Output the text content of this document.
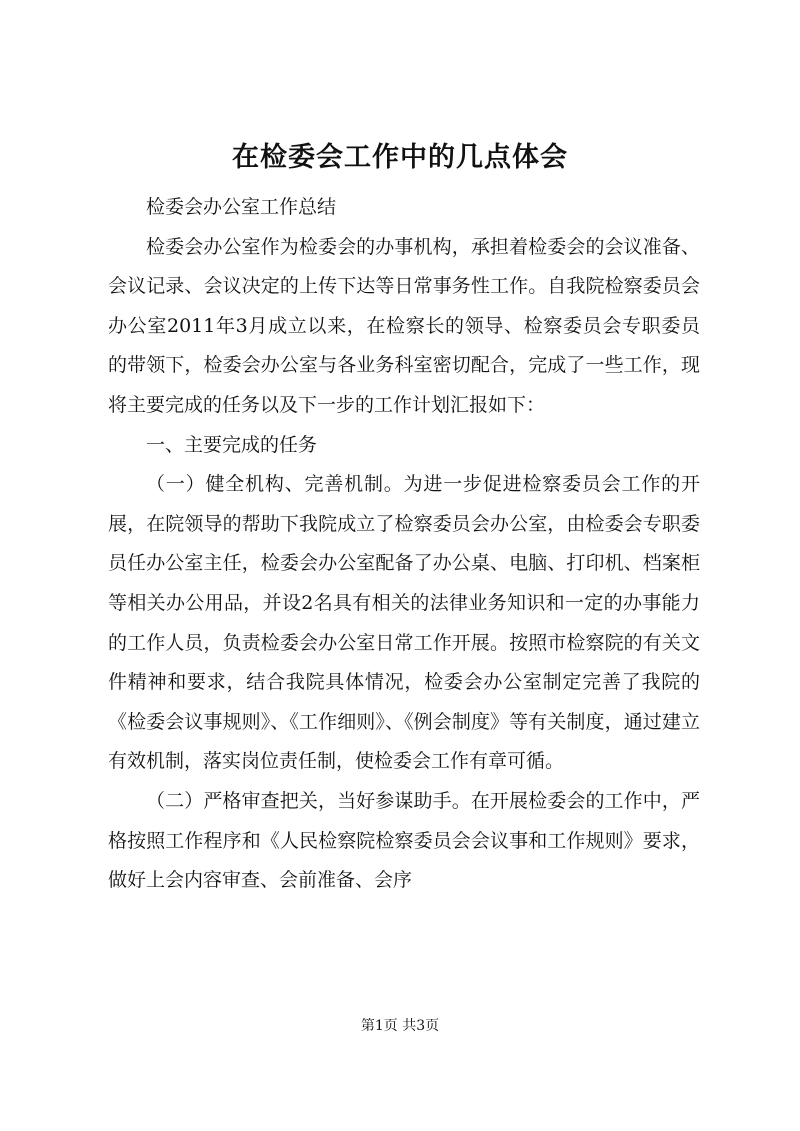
在检委会工作中的几点体会

检委会办公室工作总结

检委会办公室作为检委会的办事机构，承担着检委会的会议准备、会议记录、会议决定的上传下达等日常事务性工作。自我院检察委员会办公室2011年3月成立以来，在检察长的领导、检察委员会专职委员的带领下，检委会办公室与各业务科室密切配合，完成了一些工作，现将主要完成的任务以及下一步的工作计划汇报如下：

一、主要完成的任务

（一）健全机构、完善机制。为进一步促进检察委员会工作的开展，在院领导的帮助下我院成立了检察委员会办公室，由检委会专职委员任办公室主任，检委会办公室配备了办公桌、电脑、打印机、档案柜等相关办公用品，并设2名具有相关的法律业务知识和一定的办事能力的工作人员，负责检委会办公室日常工作开展。按照市检察院的有关文件精神和要求，结合我院具体情况，检委会办公室制定完善了我院的《检委会议事规则》、《工作细则》、《例会制度》等有关制度，通过建立有效机制，落实岗位责任制，使检委会工作有章可循。

（二）严格审查把关，当好参谋助手。在开展检委会的工作中，严格按照工作程序和《人民检察院检察委员会会议事和工作规则》要求，做好上会内容审查、会前准备、会序

第1页 共3页
